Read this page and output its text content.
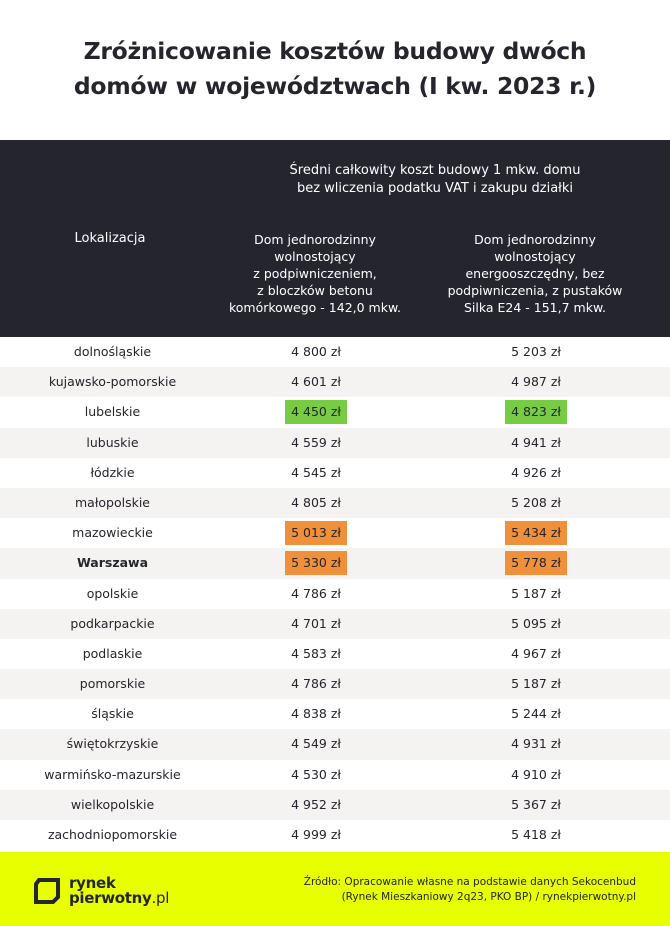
Zróżnicowanie kosztów budowy dwóch
domów w województwach (I kw. 2023 r.)
Średni całkowity koszt budowy 1 mkw. domu
bez wliczenia podatku VAT i zakupu działki
Lokalizacja	Dom jednorodzinny
wolnostojący
z podpiwniczeniem,
z bloczków betonu
komórkowego - 142,0 mkw.
Dom jednorodzinny
wolnostojący
energooszczędny, bez
podpiwniczenia, z pustaków
Silka E24 - 151,7 mkw.
dolnośląskie	4 800 zł	5 203 zł
kujawsko-pomorskie	4 601 zł	4 987 zł
lubelskie	4 450 zł	4 823 zł
lubuskie	4 559 zł	4 941 zł
łódzkie	4 545 zł	4 926 zł
małopolskie	4 805 zł	5 208 zł
mazowieckie	5 013 zł	5 434 zł
Warszawa	5 330 zł	5 778 zł
opolskie	4 786 zł	5 187 zł
podkarpackie	4 701 zł	5 095 zł
podlaskie	4 583 zł	4 967 zł
pomorskie	4 786 zł	5 187 zł
śląskie	4 838 zł	5 244 zł
świętokrzyskie	4 549 zł	4 931 zł
warmińsko-mazurskie	4 530 zł	4 910 zł
wielkopolskie	4 952 zł	5 367 zł
zachodniopomorskie	4 999 zł	5 418 zł
rynek
pierwotny.pl
Źródło: Opracowanie własne na podstawie danych Sekocenbud
(Rynek Mieszkaniowy 2q23, PKO BP) / rynekpierwotny.pl
